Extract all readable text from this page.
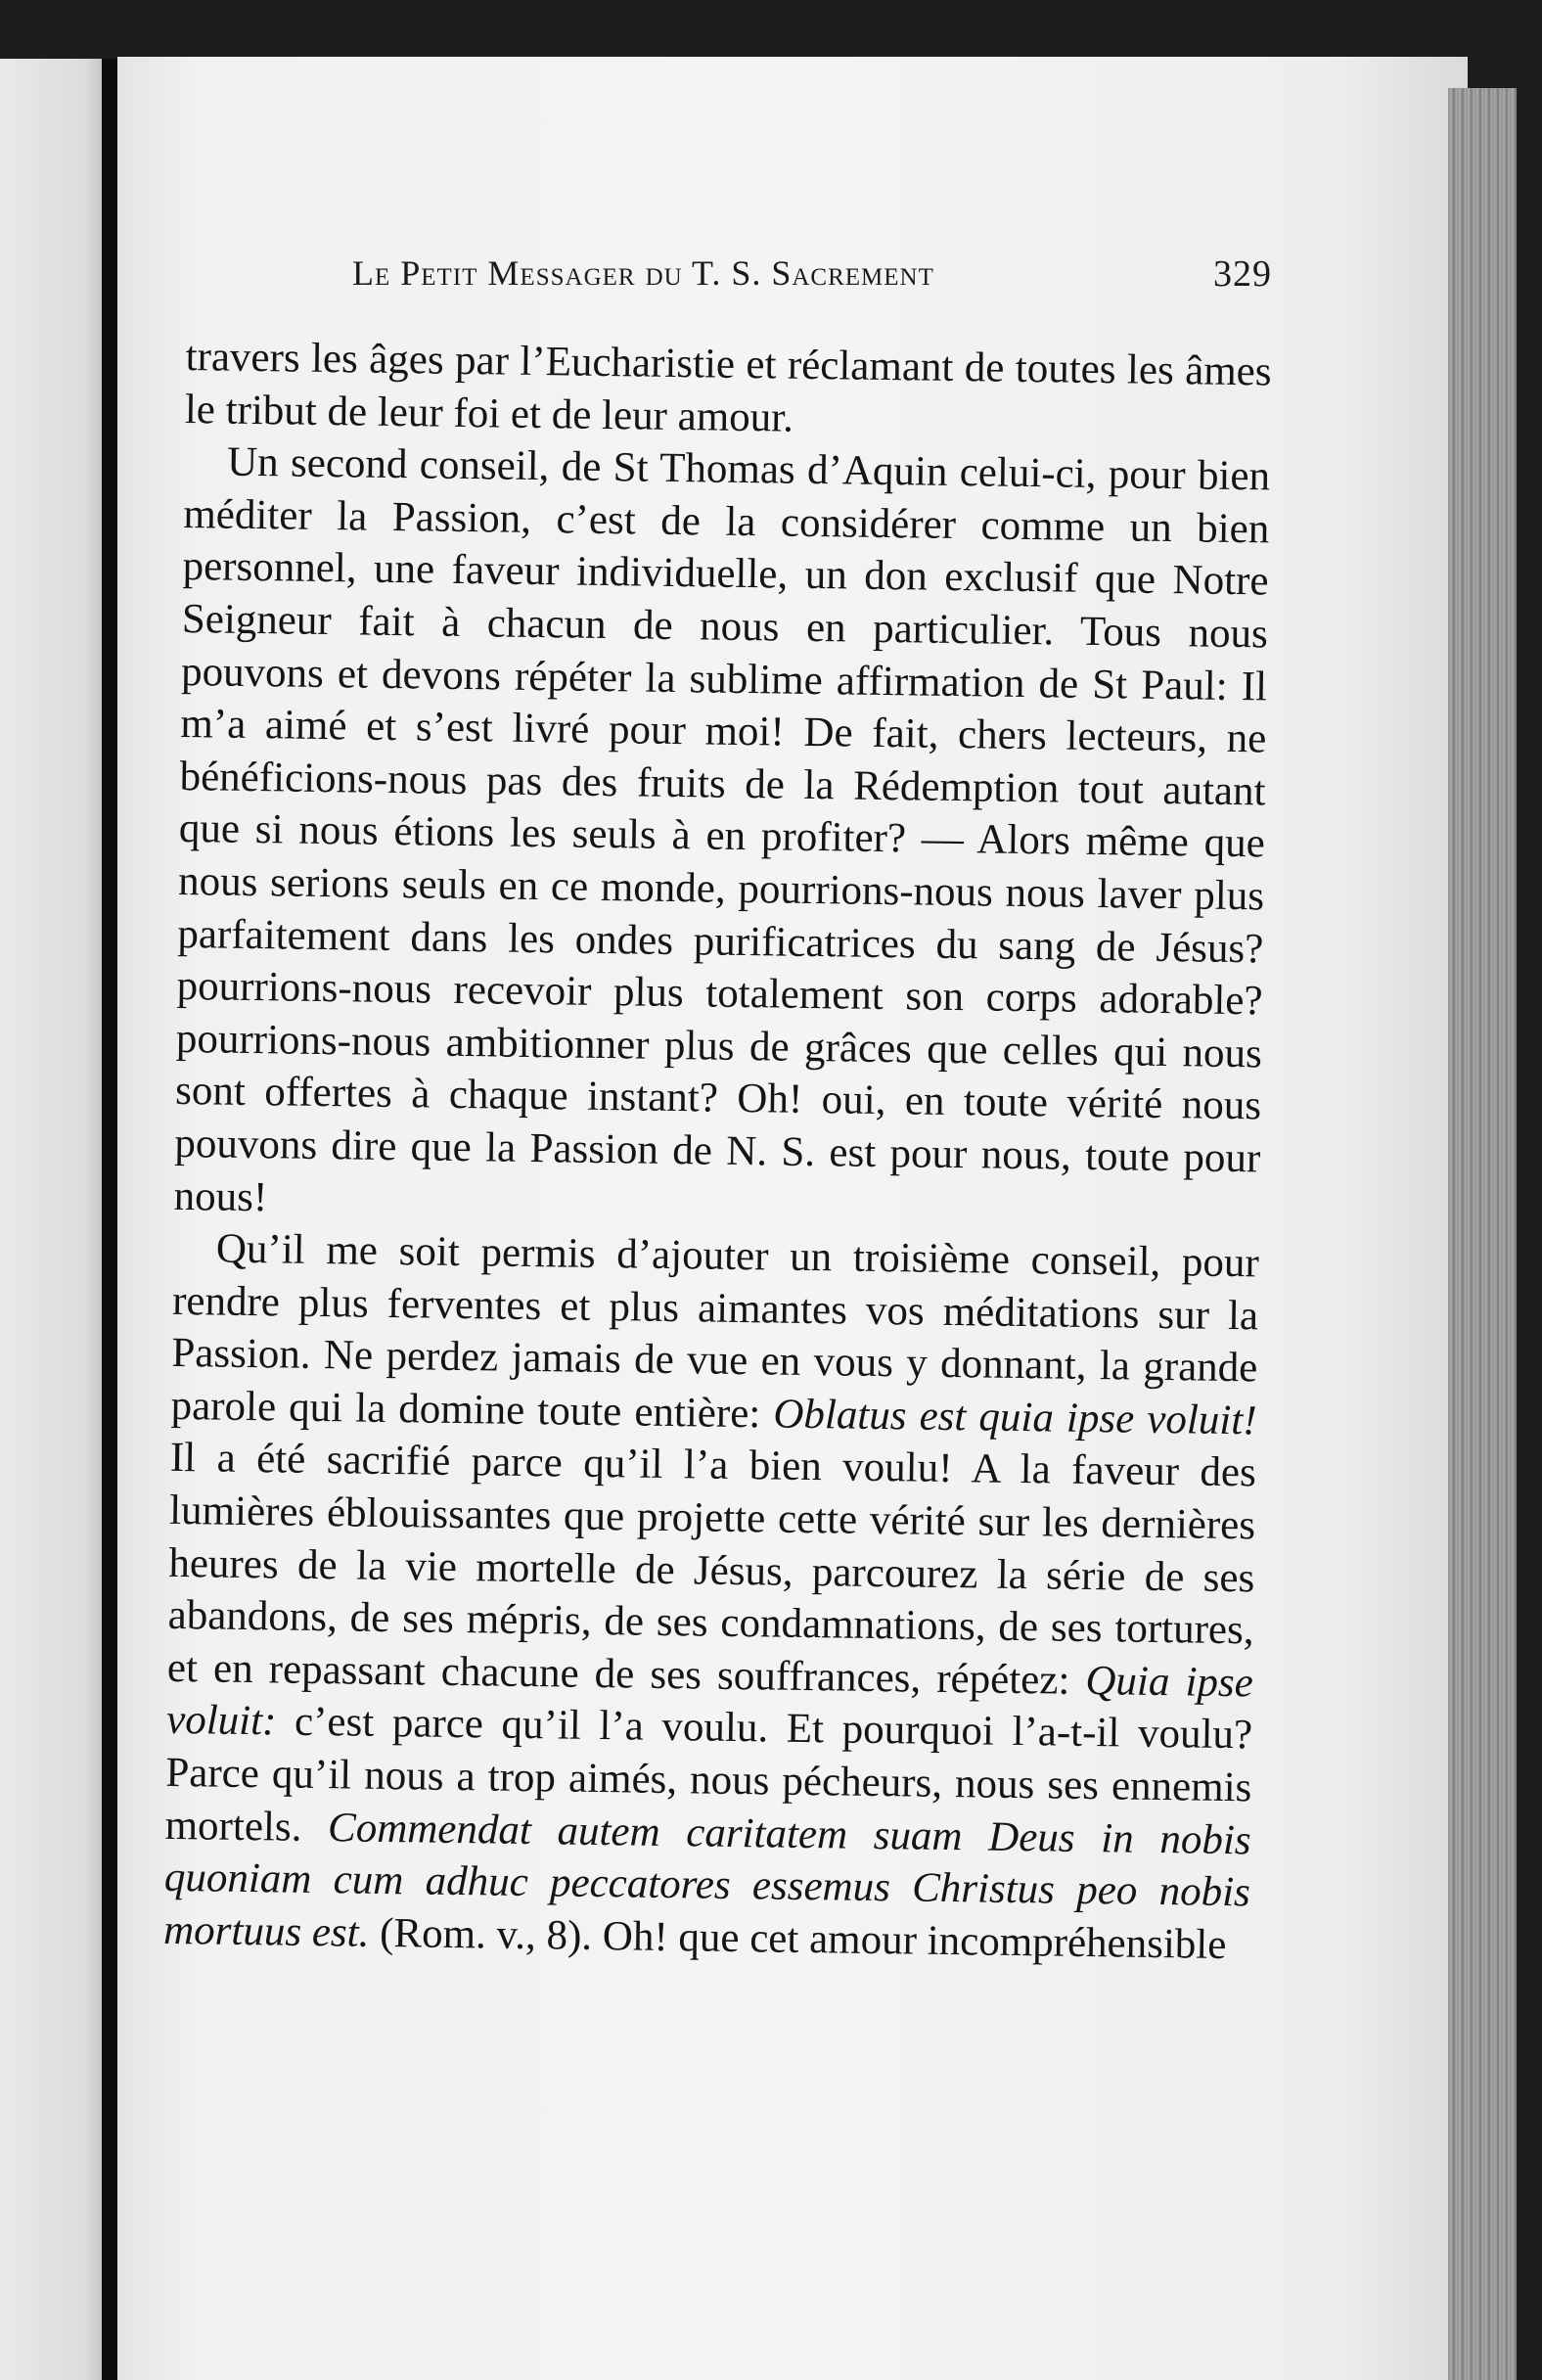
Le Petit Messager du T. S. Sacrement	329

travers les âges par l’Eucharistie et réclamant de toutes les âmes le tribut de leur foi et de leur amour.

Un second conseil, de St Thomas d’Aquin celui-ci, pour bien méditer la Passion, c’est de la considérer comme un bien personnel, une faveur individuelle, un don exclusif que Notre Seigneur fait à chacun de nous en particulier. Tous nous pouvons et devons répéter la sublime affirmation de St Paul: Il m’a aimé et s’est livré pour moi! De fait, chers lecteurs, ne bénéficions-nous pas des fruits de la Rédemption tout autant que si nous étions les seuls à en profiter? — Alors même que nous serions seuls en ce monde, pourrions-nous nous laver plus parfaitement dans les ondes purificatrices du sang de Jésus? pourrions-nous recevoir plus totalement son corps adorable? pourrions-nous ambitionner plus de grâces que celles qui nous sont offertes à chaque instant? Oh! oui, en toute vérité nous pouvons dire que la Passion de N. S. est pour nous, toute pour nous!

Qu’il me soit permis d’ajouter un troisième conseil, pour rendre plus ferventes et plus aimantes vos méditations sur la Passion. Ne perdez jamais de vue en vous y donnant, la grande parole qui la domine toute entière: Oblatus est quia ipse voluit! Il a été sacrifié parce qu’il l’a bien voulu! A la faveur des lumières éblouissantes que projette cette vérité sur les dernières heures de la vie mortelle de Jésus, parcourez la série de ses abandons, de ses mépris, de ses condamnations, de ses tortures, et en repassant chacune de ses souffrances, répétez: Quia ipse voluit: c’est parce qu’il l’a voulu. Et pourquoi l’a-t-il voulu? Parce qu’il nous a trop aimés, nous pécheurs, nous ses ennemis mortels. Commendat autem caritatem suam Deus in nobis quoniam cum adhuc peccatores essemus Christus peo nobis mortuus est. (Rom. v., 8). Oh! que cet amour incompréhensible
